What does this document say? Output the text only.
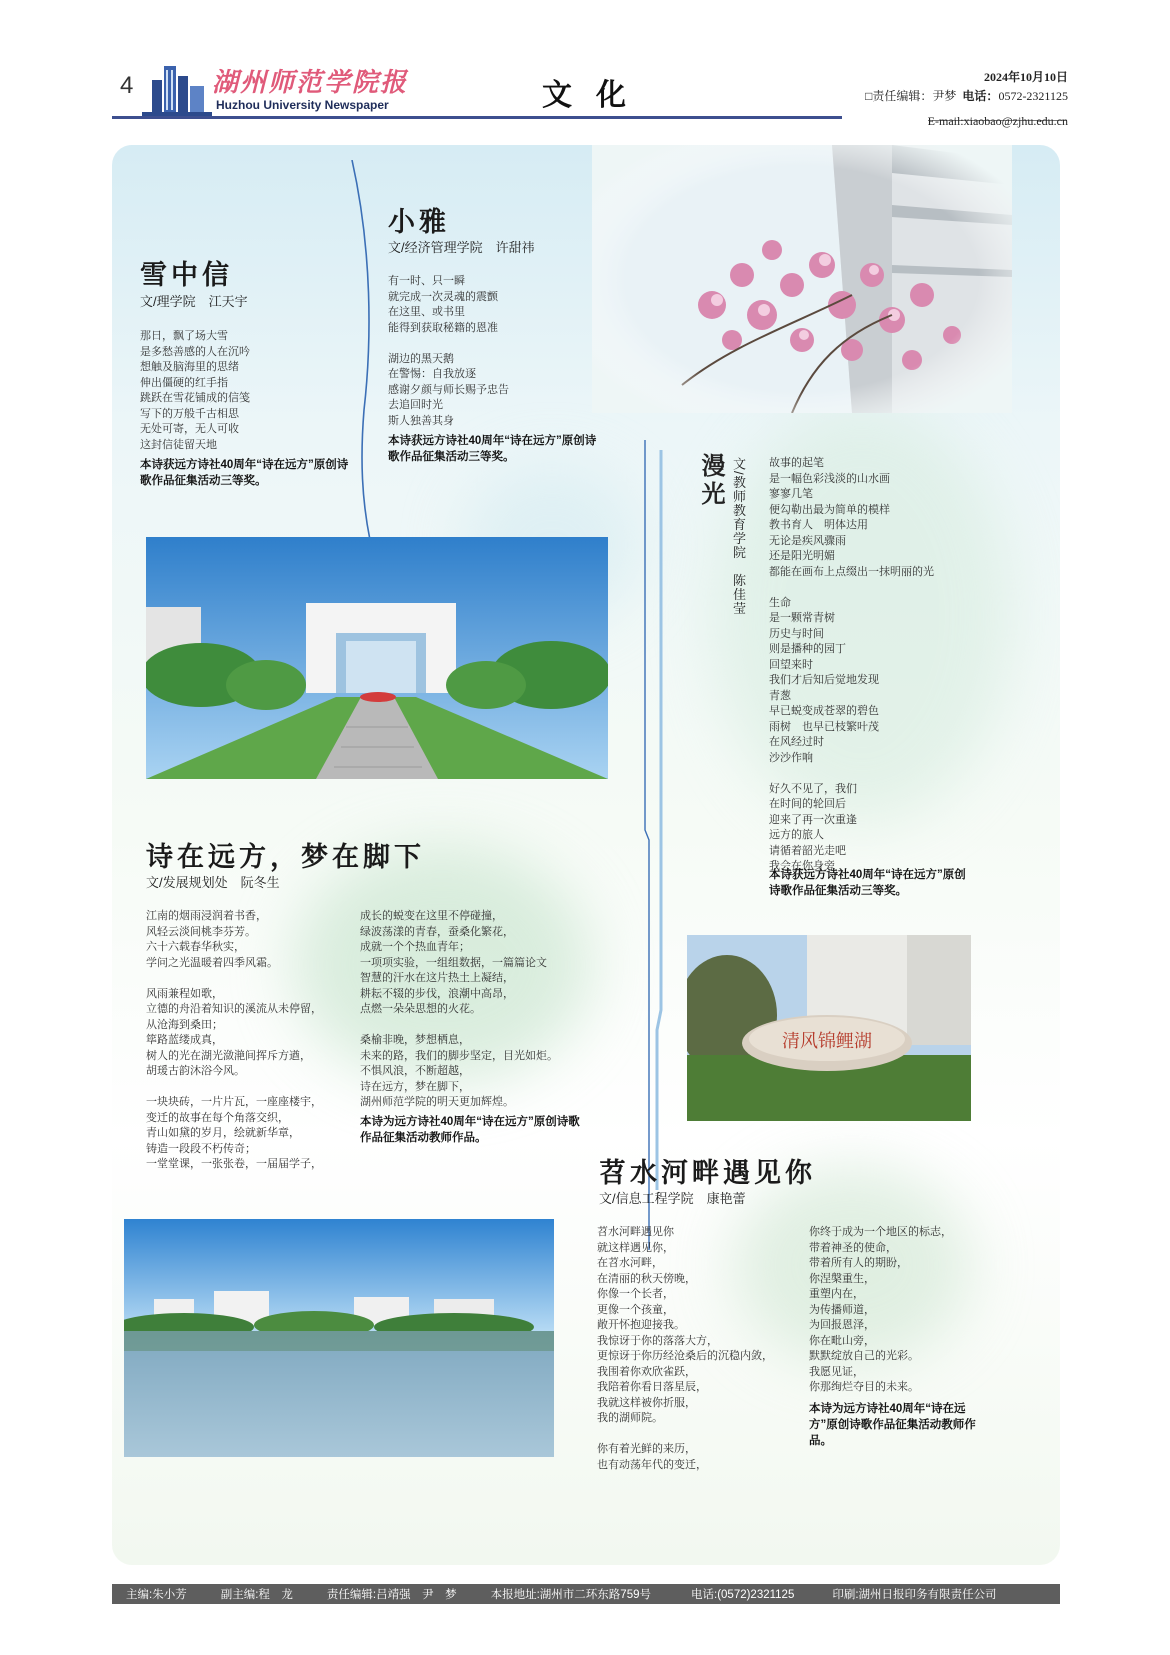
4	湖州师范学院报
Huzhou University Newspaper	文化
2024年10月10日
□责任编辑：尹梦 电话：0572-2321125
E-mail:xiaobao@zjhu.edu.cn
雪中信
文/理学院　江天宇
那日，飘了场大雪
是多愁善感的人在沉吟
想触及脑海里的思绪
伸出僵硬的红手指
跳跃在雪花铺成的信笺
写下的万般千古相思
无处可寄，无人可收
这封信徒留天地
本诗获远方诗社40周年“诗在远方”原创诗歌作品征集活动三等奖。
小雅
文/经济管理学院　许甜祎
有一时、只一瞬
就完成一次灵魂的震颤
在这里、或书里
能得到获取秘籍的恩准
湖边的黑天鹅
在警惕：自我放逐
感谢夕颜与师长赐予忠告
去追回时光
斯人独善其身
本诗获远方诗社40周年“诗在远方”原创诗歌作品征集活动三等奖。	漫光 文/教师教育学院　陈佳莹 故事的起笔
是一幅色彩浅淡的山水画
寥寥几笔
便勾勒出最为简单的模样
教书育人　明体达用
无论是疾风骤雨
还是阳光明媚
都能在画布上点缀出一抹明丽的光
生命
是一颗常青树
历史与时间
则是播种的园丁
回望来时
我们才后知后觉地发现
青葱
早已蜕变成苍翠的碧色
雨树　也早已枝繁叶茂
在风经过时
沙沙作响
好久不见了，我们
在时间的轮回后
迎来了再一次重逢
远方的旅人
请循着韶光走吧
我会在你身旁
本诗获远方诗社40周年“诗在远方”原创诗歌作品征集活动三等奖。
诗在远方，梦在脚下
文/发展规划处　阮冬生
江南的烟雨浸润着书香，
风轻云淡间桃李芬芳。
六十六载春华秋实，
学问之光温暖着四季风霜。
风雨兼程如歌，
立德的舟沿着知识的溪流从未停留，
从沧海到桑田；
筚路蓝缕成真，
树人的光在湖光潋滟间挥斥方遒，
胡瑗古韵沐浴今风。
一块块砖，一片片瓦，一座座楼宇，
变迁的故事在每个角落交织，
青山如黛的岁月，绘就新华章，
铸造一段段不朽传奇；
一堂堂课，一张张卷，一届届学子，
成长的蜕变在这里不停碰撞，
绿波荡漾的青春，蚕桑化繁花，
成就一个个热血青年；
一项项实验，一组组数据，一篇篇论文
智慧的汗水在这片热土上凝结，
耕耘不辍的步伐，浪潮中高昂，
点燃一朵朵思想的火花。
桑榆非晚，梦想栖息，
未来的路，我们的脚步坚定，目光如炬。
不惧风浪，不断超越，
诗在远方，梦在脚下，
湖州师范学院的明天更加辉煌。
本诗为远方诗社40周年“诗在远方”原创诗歌作品征集活动教师作品。
清风锦鲤湖
苕水河畔遇见你
文/信息工程学院　康艳蕾
苕水河畔遇见你
就这样遇见你，
在苕水河畔，
在清丽的秋天傍晚，
你像一个长者，
更像一个孩童，
敞开怀抱迎接我。
我惊讶于你的落落大方，
更惊讶于你历经沧桑后的沉稳内敛，
我围着你欢欣雀跃，
我陪着你看日落星辰，
我就这样被你折服，
我的湖师院。
你有着光鲜的来历，
也有动荡年代的变迁，
你终于成为一个地区的标志，
带着神圣的使命，
带着所有人的期盼，
你涅槃重生，
重塑内在，
为传播师道，
为回报恩泽，
你在毗山旁，
默默绽放自己的光彩。
我愿见证，
你那绚烂夺目的未来。
本诗为远方诗社40周年“诗在远方”原创诗歌作品征集活动教师作品。
主编:朱小芳	副主编:程　龙	责任编辑:吕靖强　尹　梦	本报地址:湖州市二环东路759号	电话:(0572)2321125	印刷:湖州日报印务有限责任公司
